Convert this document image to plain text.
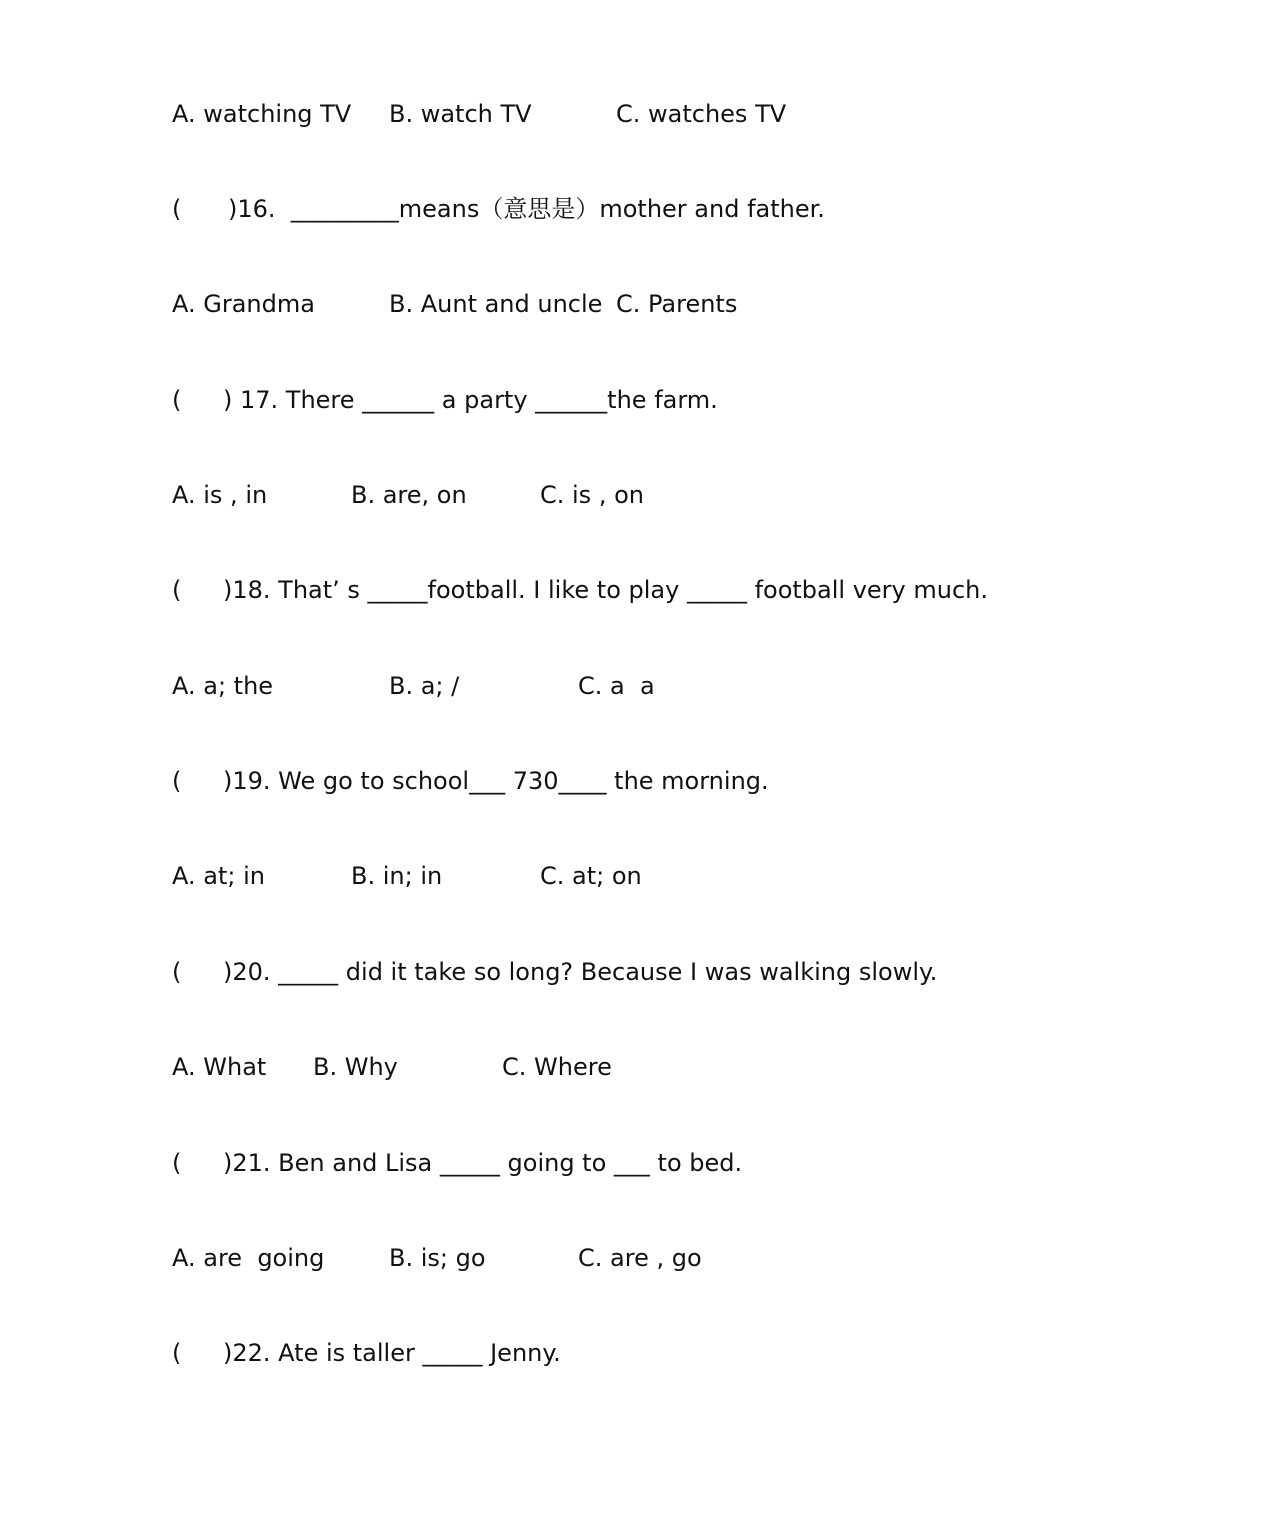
A. watching TV

B. watch TV

	C. watches TV

(

)16.  _________means（意思是）mother and father.

A. Grandma

	B. Aunt and uncle

C. Parents

(

) 17. There ______ a party ______the farm.

A. is , in

	B. are, on

	C. is , on

(

)18. That’ s _____football. I like to play _____ football very much.

A. a; the

	B. a; /

	C. a  a

(

)19. We go to school___ 730____ the morning.

A. at; in

	B. in; in

	C. at; on

(

)20. _____ did it take so long? Because I was walking slowly.

A. What

B. Why

	C. Where

(

)21. Ben and Lisa _____ going to ___ to bed.

A. are  going

	B. is; go

	C. are , go

(

)22. Ate is taller _____ Jenny.
